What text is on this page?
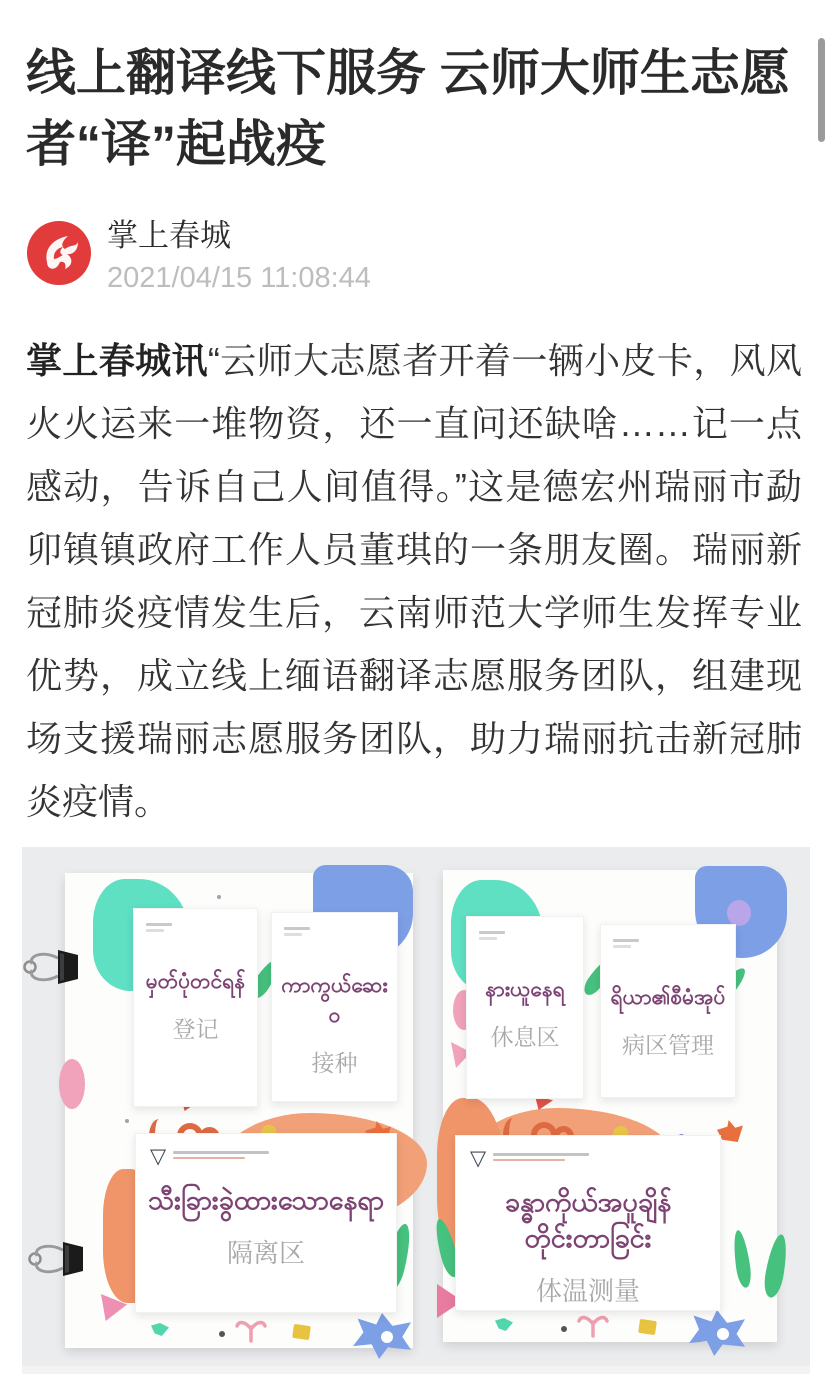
线上翻译线下服务 云师大师生志愿者“译”起战疫
掌上春城
2021/04/15 11:08:44

掌上春城讯“云师大志愿者开着一辆小皮卡，风风火火运来一堆物资，还一直问还缺啥……记一点感动，告诉自己人间值得。”这是德宏州瑞丽市勐卯镇镇政府工作人员董琪的一条朋友圈。瑞丽新冠肺炎疫情发生后，云南师范大学师生发挥专业优势，成立线上缅语翻译志愿服务团队，组建现场支援瑞丽志愿服务团队，助力瑞丽抗击新冠肺炎疫情。

မှတ်ပုံတင်ရန်
登记
ကာကွယ်ဆေးဝ
接种
နားယူနေရ
休息区
ရိယာ၏စီမံအုပ်
病区管理
▽
သီးခြားခွဲထားသောနေရာ
隔离区
▽
ခန္ဓာကိုယ်အပူချိန်တိုင်းတာခြင်း
体温测量
